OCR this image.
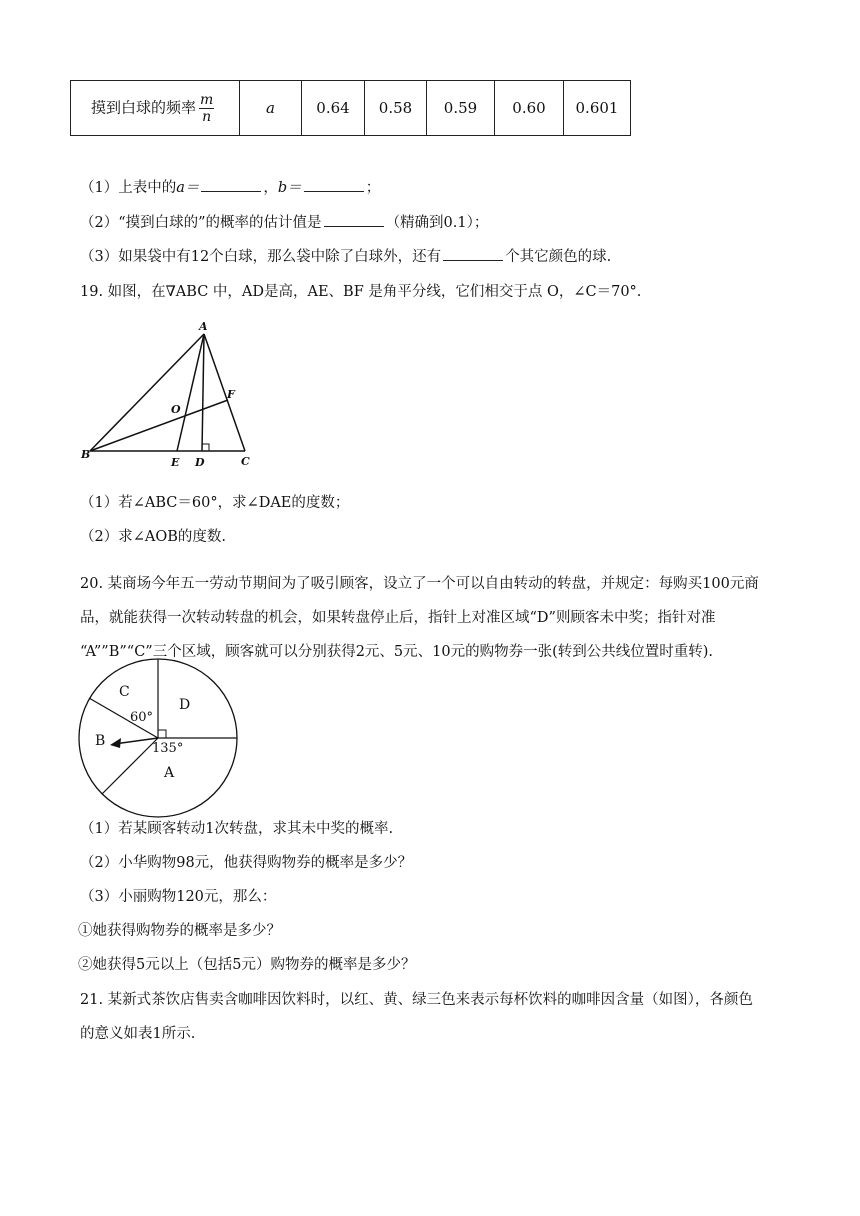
摸到白球的频率 $\frac{m}{n}$	a	0.64	0.58	0.59	0.60	0.601
（1）上表中的a＝	，b＝	；
（2）“摸到白球的”的概率的估计值是	（精确到0.1）；
（3）如果袋中有12个白球，那么袋中除了白球外，还有	个其它颜色的球.
19. 如图，在∇ABC 中，AD是高，AE、BF 是角平分线，它们相交于点 O，∠C＝70°.
A
F
O
B
E D	C
（1）若∠ABC＝60°，求∠DAE的度数；
（2）求∠AOB的度数.
20. 某商场今年五一劳动节期间为了吸引顾客，设立了一个可以自由转动的转盘，并规定：每购买100元商
品，就能获得一次转动转盘的机会，如果转盘停止后，指针上对准区域“D”则顾客未中奖；指针对准
“A””B”“C”三个区域，顾客就可以分别获得2元、5元、10元的购物券一张(转到公共线位置时重转).
C
D
B
A
60°
135°
（1）若某顾客转动1次转盘，求其未中奖的概率.
（2）小华购物98元，他获得购物券的概率是多少？
（3）小丽购物120元，那么：
①她获得购物券的概率是多少？
②她获得5元以上（包括5元）购物券的概率是多少？
21. 某新式茶饮店售卖含咖啡因饮料时，以红、黄、绿三色来表示每杯饮料的咖啡因含量（如图），各颜色
的意义如表1所示.
